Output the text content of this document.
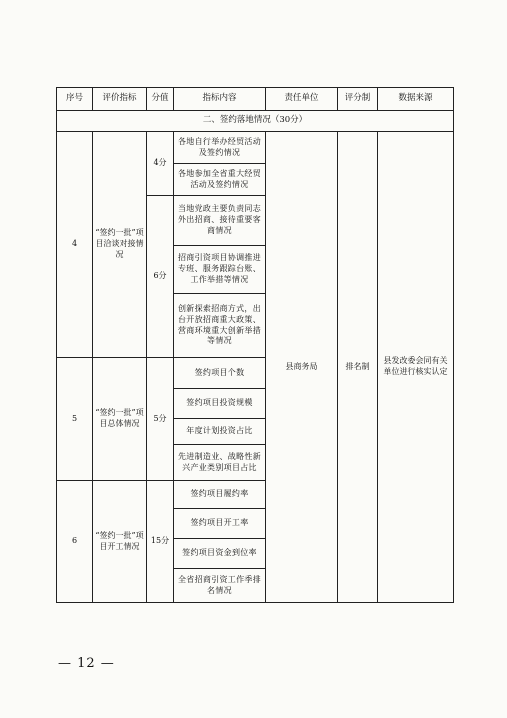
序号	评价指标	分值	指标内容	责任单位	评分制	数据来源
二、签约落地情况（30分）						
4	“签约一批”项目洽谈对接情况	4分	各地自行举办经贸活动及签约情况	县商务局	排名制	县发改委会同有关单位进行核实认定
			各地参加全省重大经贸活动及签约情况			
		6分	当地党政主要负责同志外出招商、接待重要客商情况			
			招商引资项目协调推进专班、服务跟踪台账、工作举措等情况			
			创新探索招商方式，出台开放招商重大政策、营商环境重大创新举措等情况			
5	“签约一批”项目总体情况	5分	签约项目个数			
			签约项目投资规模			
			年度计划投资占比			
			先进制造业、战略性新兴产业类别项目占比			
6	“签约一批”项目开工情况	15分	签约项目履约率			
			签约项目开工率			
			签约项目资金到位率			
			全省招商引资工作季排名情况			
— 12 —
